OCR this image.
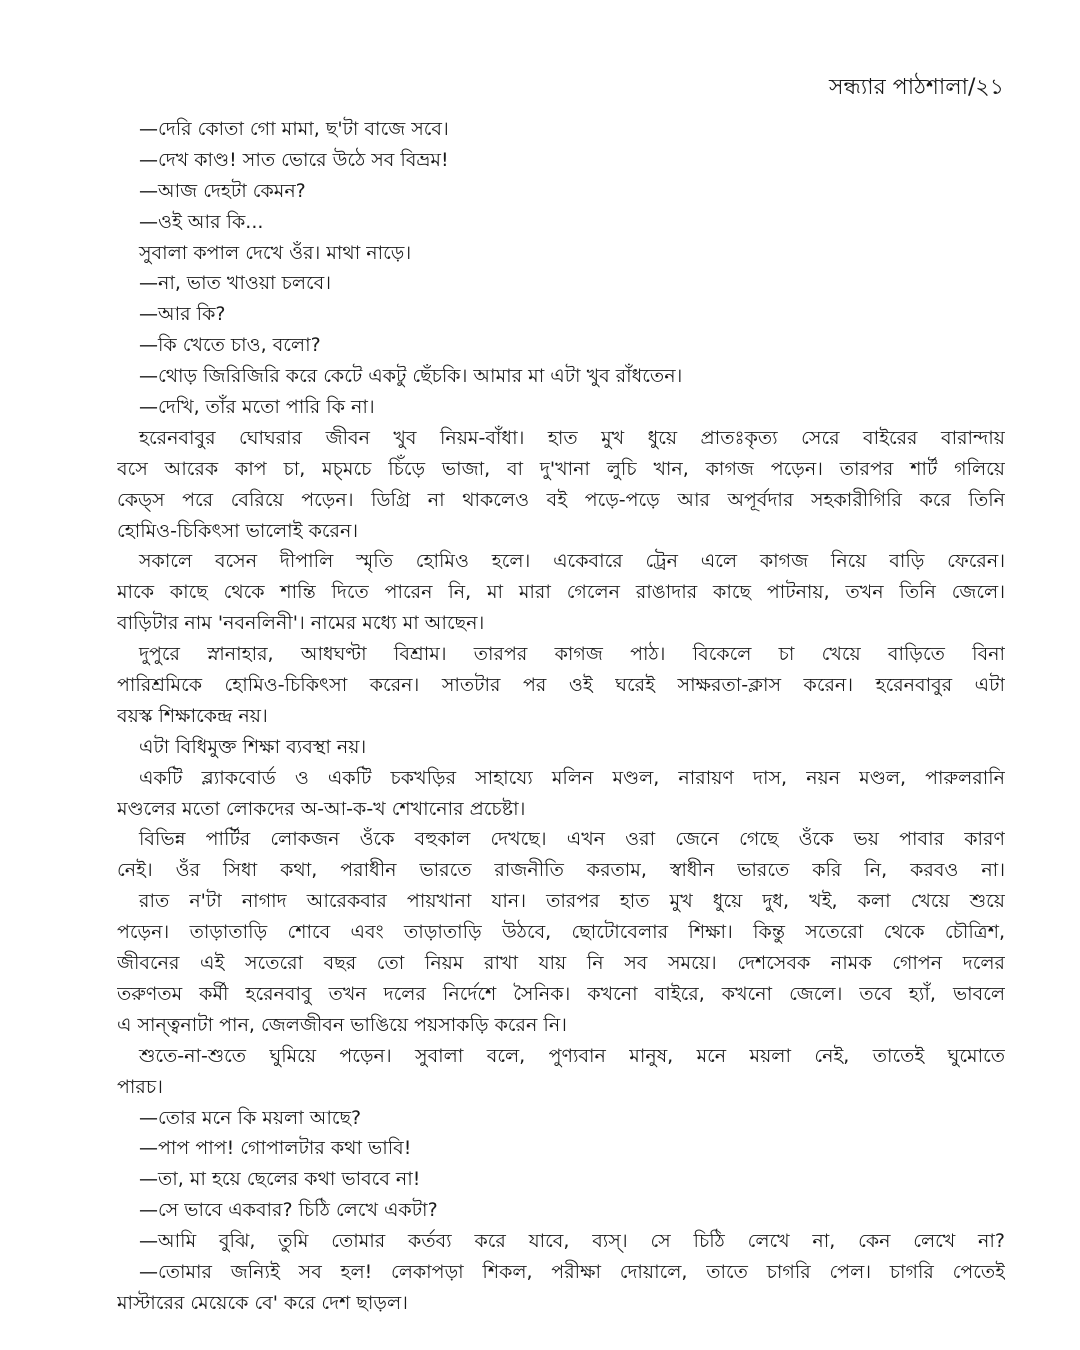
সন্ধ্যার পাঠশালা/২১
—দেরি কোতা গো মামা, ছ'টা বাজে সবে।
—দেখ কাণ্ড! সাত ভোরে উঠে সব বিভ্রম!
—আজ দেহটা কেমন?
—ওই আর কি...
সুবালা কপাল দেখে ওঁর। মাথা নাড়ে।
—না, ভাত খাওয়া চলবে।
—আর কি?
—কি খেতে চাও, বলো?
—থোড় জিরিজিরি করে কেটে একটু ছেঁচকি। আমার মা এটা খুব রাঁধতেন।
—দেখি, তাঁর মতো পারি কি না।
হরেনবাবুর ঘোঘরার জীবন খুব নিয়ম-বাঁধা। হাত মুখ ধুয়ে প্রাতঃকৃত্য সেরে বাইরের বারান্দায়
বসে আরেক কাপ চা, মচ্মচে চিঁড়ে ভাজা, বা দু'খানা লুচি খান, কাগজ পড়েন। তারপর শার্ট গলিয়ে
কেড্স পরে বেরিয়ে পড়েন। ডিগ্রি না থাকলেও বই পড়ে-পড়ে আর অপূর্বদার সহকারীগিরি করে তিনি
হোমিও-চিকিৎসা ভালোই করেন।
সকালে বসেন দীপালি স্মৃতি হোমিও হলে। একেবারে ট্রেন এলে কাগজ নিয়ে বাড়ি ফেরেন।
মাকে কাছে থেকে শান্তি দিতে পারেন নি, মা মারা গেলেন রাঙাদার কাছে পাটনায়, তখন তিনি জেলে।
বাড়িটার নাম 'নবনলিনী'। নামের মধ্যে মা আছেন।
দুপুরে স্নানাহার, আধঘণ্টা বিশ্রাম। তারপর কাগজ পাঠ। বিকেলে চা খেয়ে বাড়িতে বিনা
পারিশ্রমিকে হোমিও-চিকিৎসা করেন। সাতটার পর ওই ঘরেই সাক্ষরতা-ক্লাস করেন। হরেনবাবুর এটা
বয়স্ক শিক্ষাকেন্দ্র নয়।
এটা বিধিমুক্ত শিক্ষা ব্যবস্থা নয়।
একটি ব্ল্যাকবোর্ড ও একটি চকখড়ির সাহায্যে মলিন মণ্ডল, নারায়ণ দাস, নয়ন মণ্ডল, পারুলরানি
মণ্ডলের মতো লোকদের অ-আ-ক-খ শেখানোর প্রচেষ্টা।
বিভিন্ন পার্টির লোকজন ওঁকে বহুকাল দেখছে। এখন ওরা জেনে গেছে ওঁকে ভয় পাবার কারণ
নেই। ওঁর সিধা কথা, পরাধীন ভারতে রাজনীতি করতাম, স্বাধীন ভারতে করি নি, করবও না।
রাত ন'টা নাগাদ আরেকবার পায়খানা যান। তারপর হাত মুখ ধুয়ে দুধ, খই, কলা খেয়ে শুয়ে
পড়েন। তাড়াতাড়ি শোবে এবং তাড়াতাড়ি উঠবে, ছোটোবেলার শিক্ষা। কিন্তু সতেরো থেকে চৌত্রিশ,
জীবনের এই সতেরো বছর তো নিয়ম রাখা যায় নি সব সময়ে। দেশসেবক নামক গোপন দলের
তরুণতম কর্মী হরেনবাবু তখন দলের নির্দেশে সৈনিক। কখনো বাইরে, কখনো জেলে। তবে হ্যাঁ, ভাবলে
এ সান্ত্বনাটা পান, জেলজীবন ভাঙিয়ে পয়সাকড়ি করেন নি।
শুতে-না-শুতে ঘুমিয়ে পড়েন। সুবালা বলে, পুণ্যবান মানুষ, মনে ময়লা নেই, তাতেই ঘুমোতে
পারচ।
—তোর মনে কি ময়লা আছে?
—পাপ পাপ! গোপালটার কথা ভাবি!
—তা, মা হয়ে ছেলের কথা ভাববে না!
—সে ভাবে একবার? চিঠি লেখে একটা?
—আমি বুঝি, তুমি তোমার কর্তব্য করে যাবে, ব্যস্। সে চিঠি লেখে না, কেন লেখে না?
—তোমার জন্যিই সব হল! লেকাপড়া শিকল, পরীক্ষা দোয়ালে, তাতে চাগরি পেল। চাগরি পেতেই
মাস্টারের মেয়েকে বে' করে দেশ ছাড়ল।
